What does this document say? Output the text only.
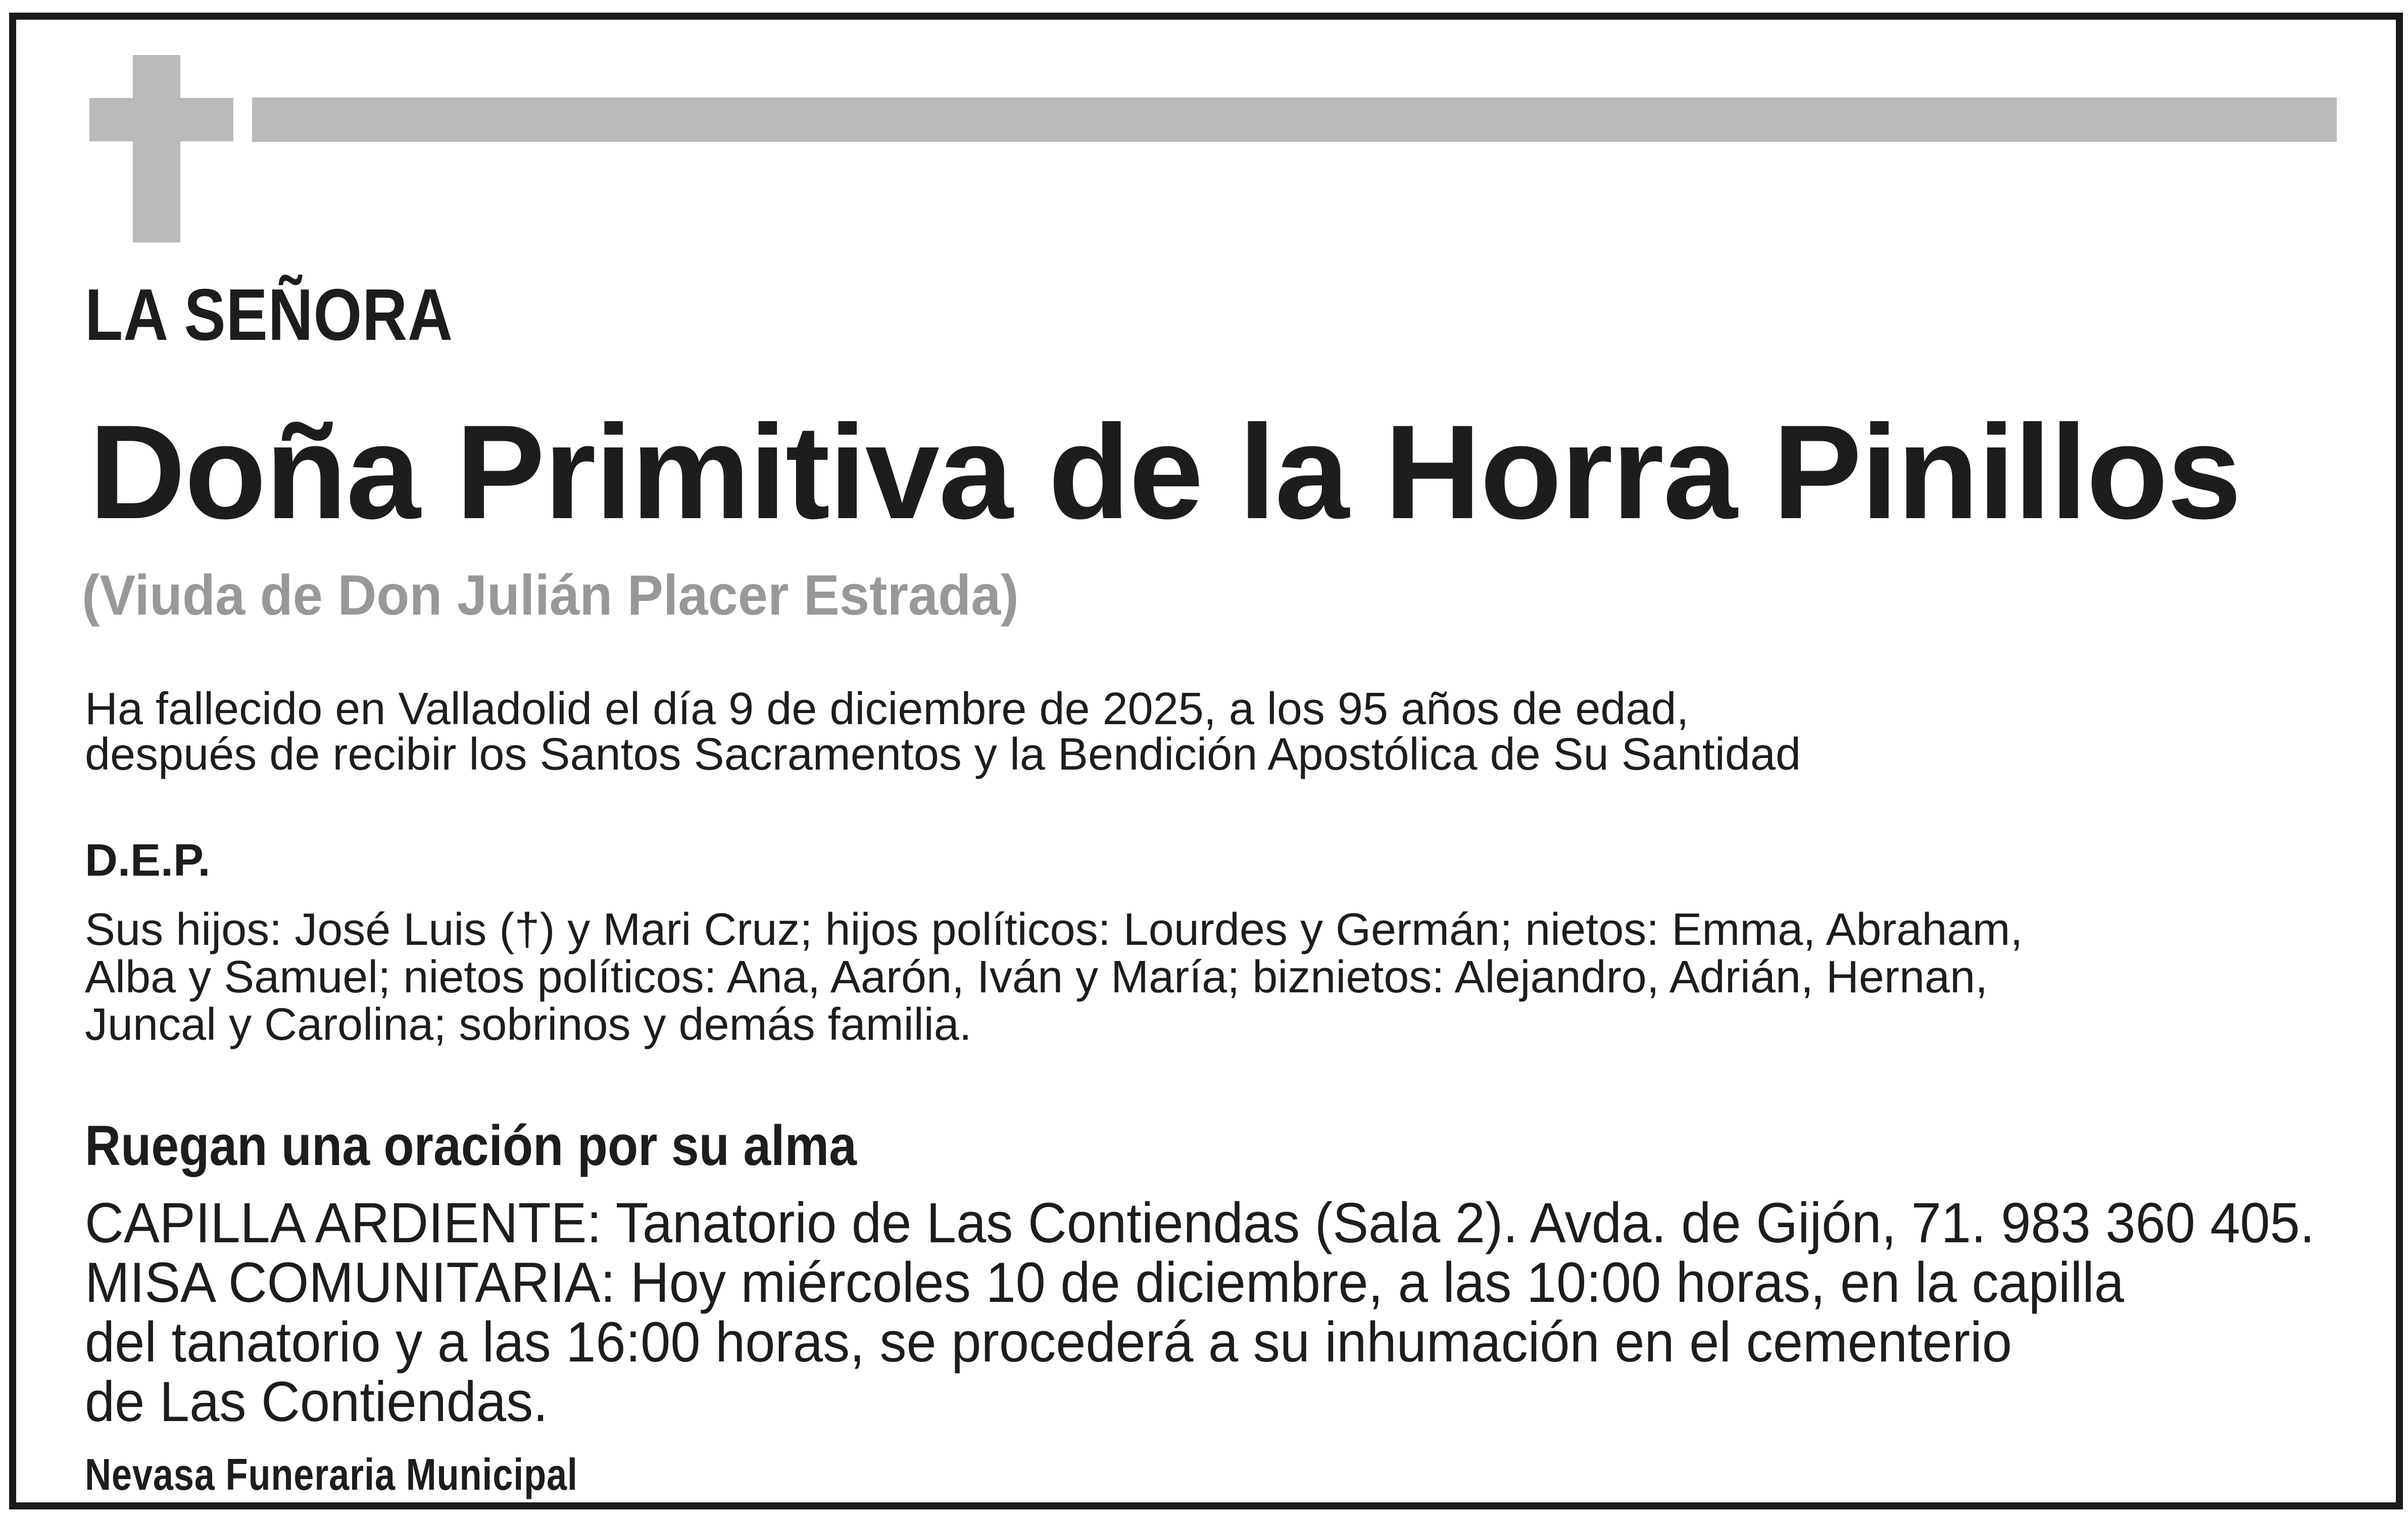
LA SEÑORA
Doña Primitiva de la Horra Pinillos
(Viuda de Don Julián Placer Estrada)
Ha fallecido en Valladolid el día 9 de diciembre de 2025, a los 95 años de edad,
después de recibir los Santos Sacramentos y la Bendición Apostólica de Su Santidad
D.E.P.
Sus hijos: José Luis (†) y Mari Cruz; hijos políticos: Lourdes y Germán; nietos: Emma, Abraham,
Alba y Samuel; nietos políticos: Ana, Aarón, Iván y María; biznietos: Alejandro, Adrián, Hernan,
Juncal y Carolina; sobrinos y demás familia.
Ruegan una oración por su alma
CAPILLA ARDIENTE: Tanatorio de Las Contiendas (Sala 2). Avda. de Gijón, 71. 983 360 405.
MISA COMUNITARIA: Hoy miércoles 10 de diciembre, a las 10:00 horas, en la capilla
del tanatorio y a las 16:00 horas, se procederá a su inhumación en el cementerio
de Las Contiendas.
Nevasa Funeraria Municipal
